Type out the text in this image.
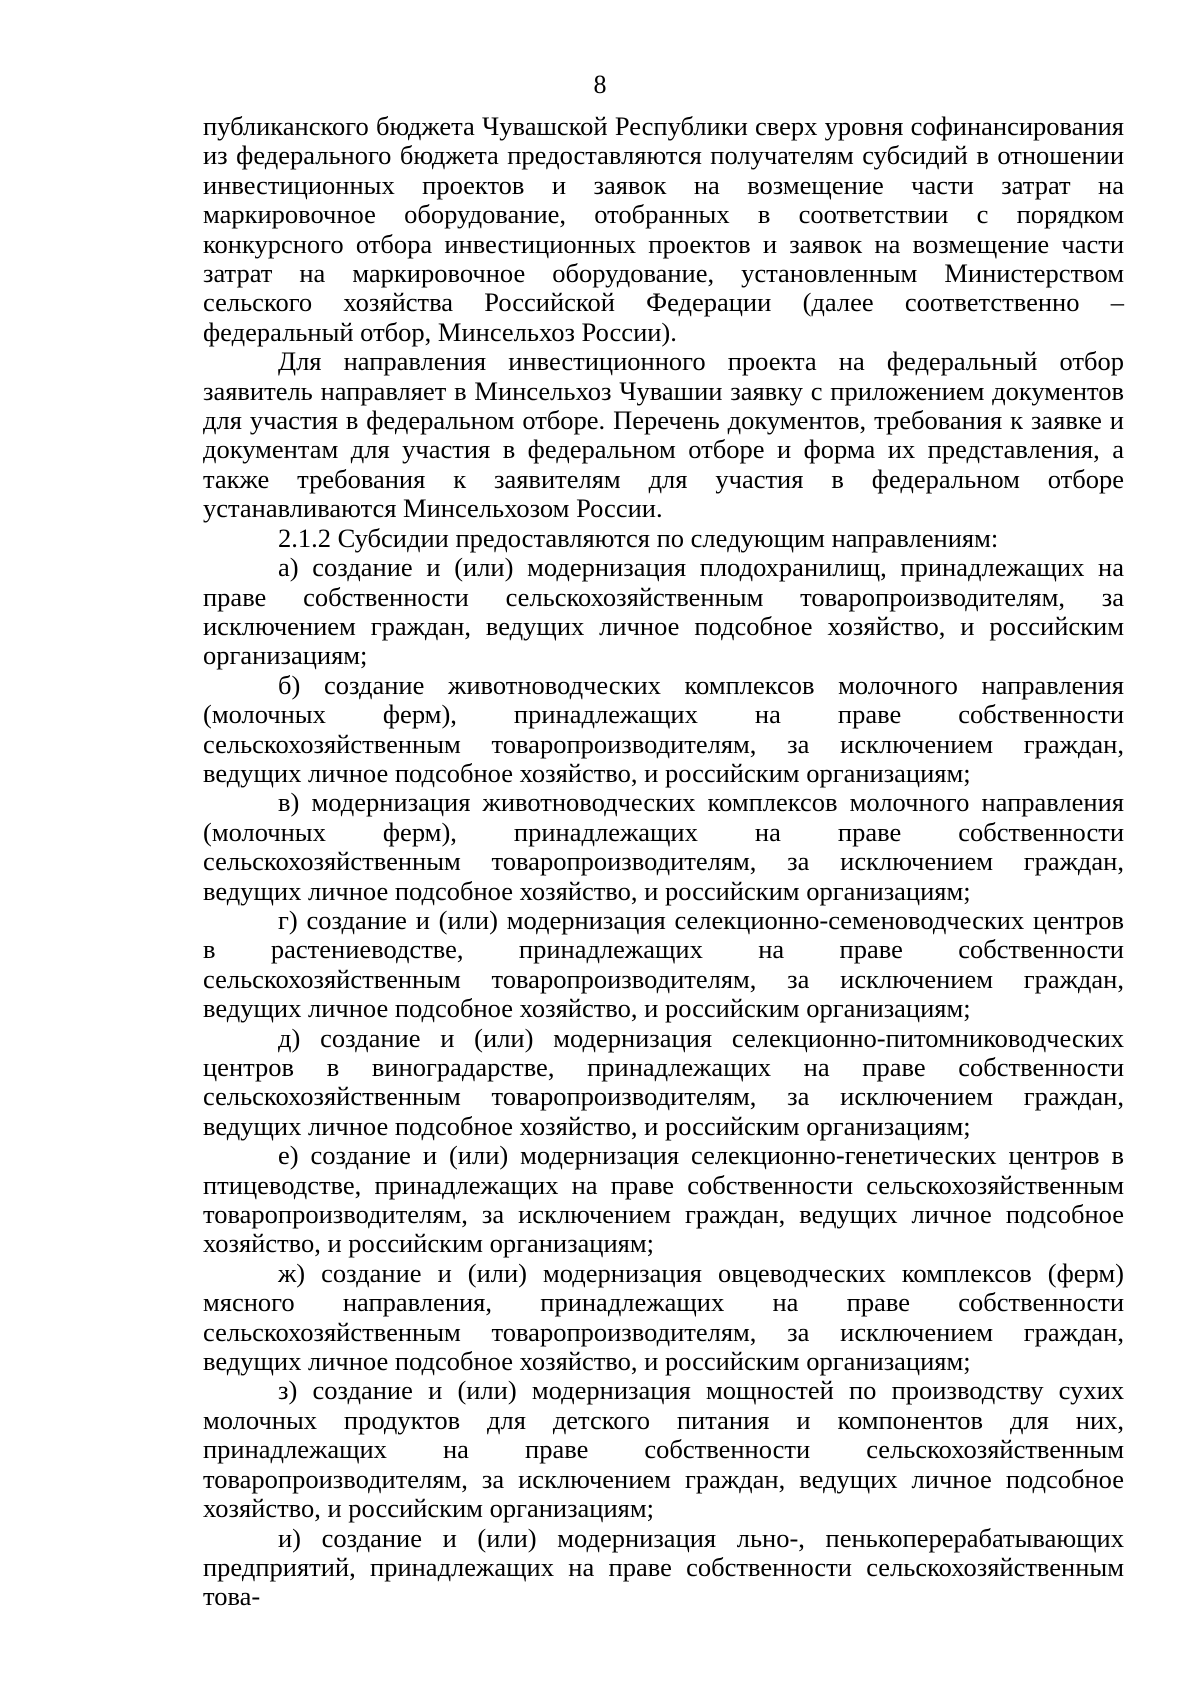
8

публиканского бюджета Чувашской Республики сверх уровня софинансирования из федерального бюджета предоставляются получателям субсидий в отношении инвестиционных проектов и заявок на возмещение части затрат на маркировочное оборудование, отобранных в соответствии с порядком конкурсного отбора инвестиционных проектов и заявок на возмещение части затрат на маркировочное оборудование, установленным Министерством сельского хозяйства Российской Федерации (далее соответственно – федеральный отбор, Минсельхоз России).

Для направления инвестиционного проекта на федеральный отбор заявитель направляет в Минсельхоз Чувашии заявку с приложением документов для участия в федеральном отборе. Перечень документов, требования к заявке и документам для участия в федеральном отборе и форма их представления, а также требования к заявителям для участия в федеральном отборе устанавливаются Минсельхозом России.

2.1.2 Субсидии предоставляются по следующим направлениям:

а) создание и (или) модернизация плодохранилищ, принадлежащих на праве собственности сельскохозяйственным товаропроизводителям, за исключением граждан, ведущих личное подсобное хозяйство, и российским организациям;

б) создание животноводческих комплексов молочного направления (молочных ферм), принадлежащих на праве собственности сельскохозяйственным товаропроизводителям, за исключением граждан, ведущих личное подсобное хозяйство, и российским организациям;

в) модернизация животноводческих комплексов молочного направления (молочных ферм), принадлежащих на праве собственности сельскохозяйственным товаропроизводителям, за исключением граждан, ведущих личное подсобное хозяйство, и российским организациям;

г) создание и (или) модернизация селекционно-семеноводческих центров в растениеводстве, принадлежащих на праве собственности сельскохозяйственным товаропроизводителям, за исключением граждан, ведущих личное подсобное хозяйство, и российским организациям;

д) создание и (или) модернизация селекционно-питомниководческих центров в виноградарстве, принадлежащих на праве собственности сельскохозяйственным товаропроизводителям, за исключением граждан, ведущих личное подсобное хозяйство, и российским организациям;

е) создание и (или) модернизация селекционно-генетических центров в птицеводстве, принадлежащих на праве собственности сельскохозяйственным товаропроизводителям, за исключением граждан, ведущих личное подсобное хозяйство, и российским организациям;

ж) создание и (или) модернизация овцеводческих комплексов (ферм) мясного направления, принадлежащих на праве собственности сельскохозяйственным товаропроизводителям, за исключением граждан, ведущих личное подсобное хозяйство, и российским организациям;

з) создание и (или) модернизация мощностей по производству сухих молочных продуктов для детского питания и компонентов для них, принадлежащих на праве собственности сельскохозяйственным товаропроизводителям, за исключением граждан, ведущих личное подсобное хозяйство, и российским организациям;

и) создание и (или) модернизация льно-, пенькоперерабатывающих предприятий, принадлежащих на праве собственности сельскохозяйственным това-
